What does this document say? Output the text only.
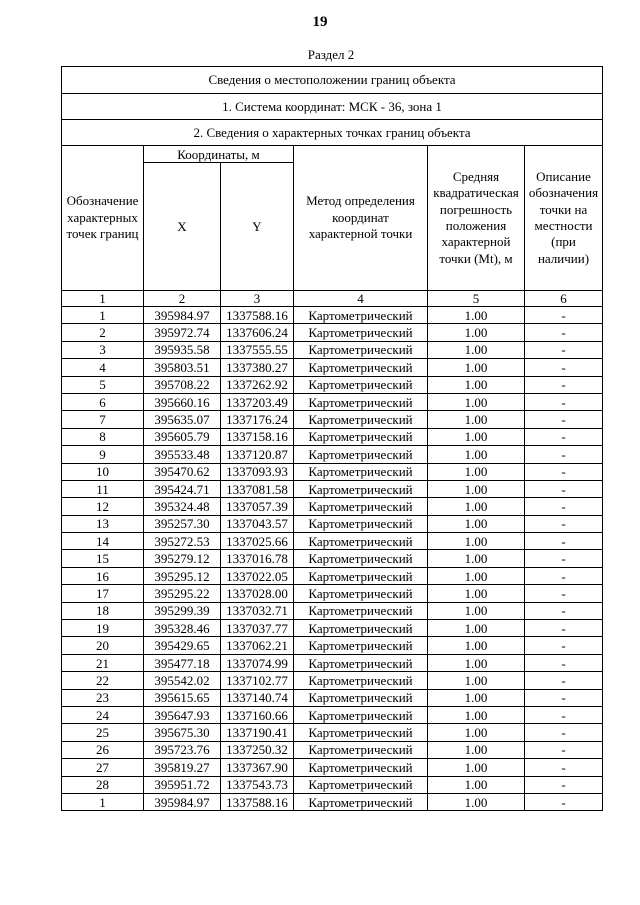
19
Раздел 2
Сведения о местоположении границ объекта					
1. Система координат: МСК - 36, зона 1					
2. Сведения о характерных точках границ объекта					
Обозначение характерных точек границ	Координаты, м		Метод определения координат характерной точки	Средняя квадратическая погрешность положения характерной точки (Mt), м	Описание обозначения точки на местности (при наличии)
	X	Y			
1	2	3	4	5	6
1	395984.97	1337588.16	Картометрический	1.00	-
2	395972.74	1337606.24	Картометрический	1.00	-
3	395935.58	1337555.55	Картометрический	1.00	-
4	395803.51	1337380.27	Картометрический	1.00	-
5	395708.22	1337262.92	Картометрический	1.00	-
6	395660.16	1337203.49	Картометрический	1.00	-
7	395635.07	1337176.24	Картометрический	1.00	-
8	395605.79	1337158.16	Картометрический	1.00	-
9	395533.48	1337120.87	Картометрический	1.00	-
10	395470.62	1337093.93	Картометрический	1.00	-
11	395424.71	1337081.58	Картометрический	1.00	-
12	395324.48	1337057.39	Картометрический	1.00	-
13	395257.30	1337043.57	Картометрический	1.00	-
14	395272.53	1337025.66	Картометрический	1.00	-
15	395279.12	1337016.78	Картометрический	1.00	-
16	395295.12	1337022.05	Картометрический	1.00	-
17	395295.22	1337028.00	Картометрический	1.00	-
18	395299.39	1337032.71	Картометрический	1.00	-
19	395328.46	1337037.77	Картометрический	1.00	-
20	395429.65	1337062.21	Картометрический	1.00	-
21	395477.18	1337074.99	Картометрический	1.00	-
22	395542.02	1337102.77	Картометрический	1.00	-
23	395615.65	1337140.74	Картометрический	1.00	-
24	395647.93	1337160.66	Картометрический	1.00	-
25	395675.30	1337190.41	Картометрический	1.00	-
26	395723.76	1337250.32	Картометрический	1.00	-
27	395819.27	1337367.90	Картометрический	1.00	-
28	395951.72	1337543.73	Картометрический	1.00	-
1	395984.97	1337588.16	Картометрический	1.00	-
